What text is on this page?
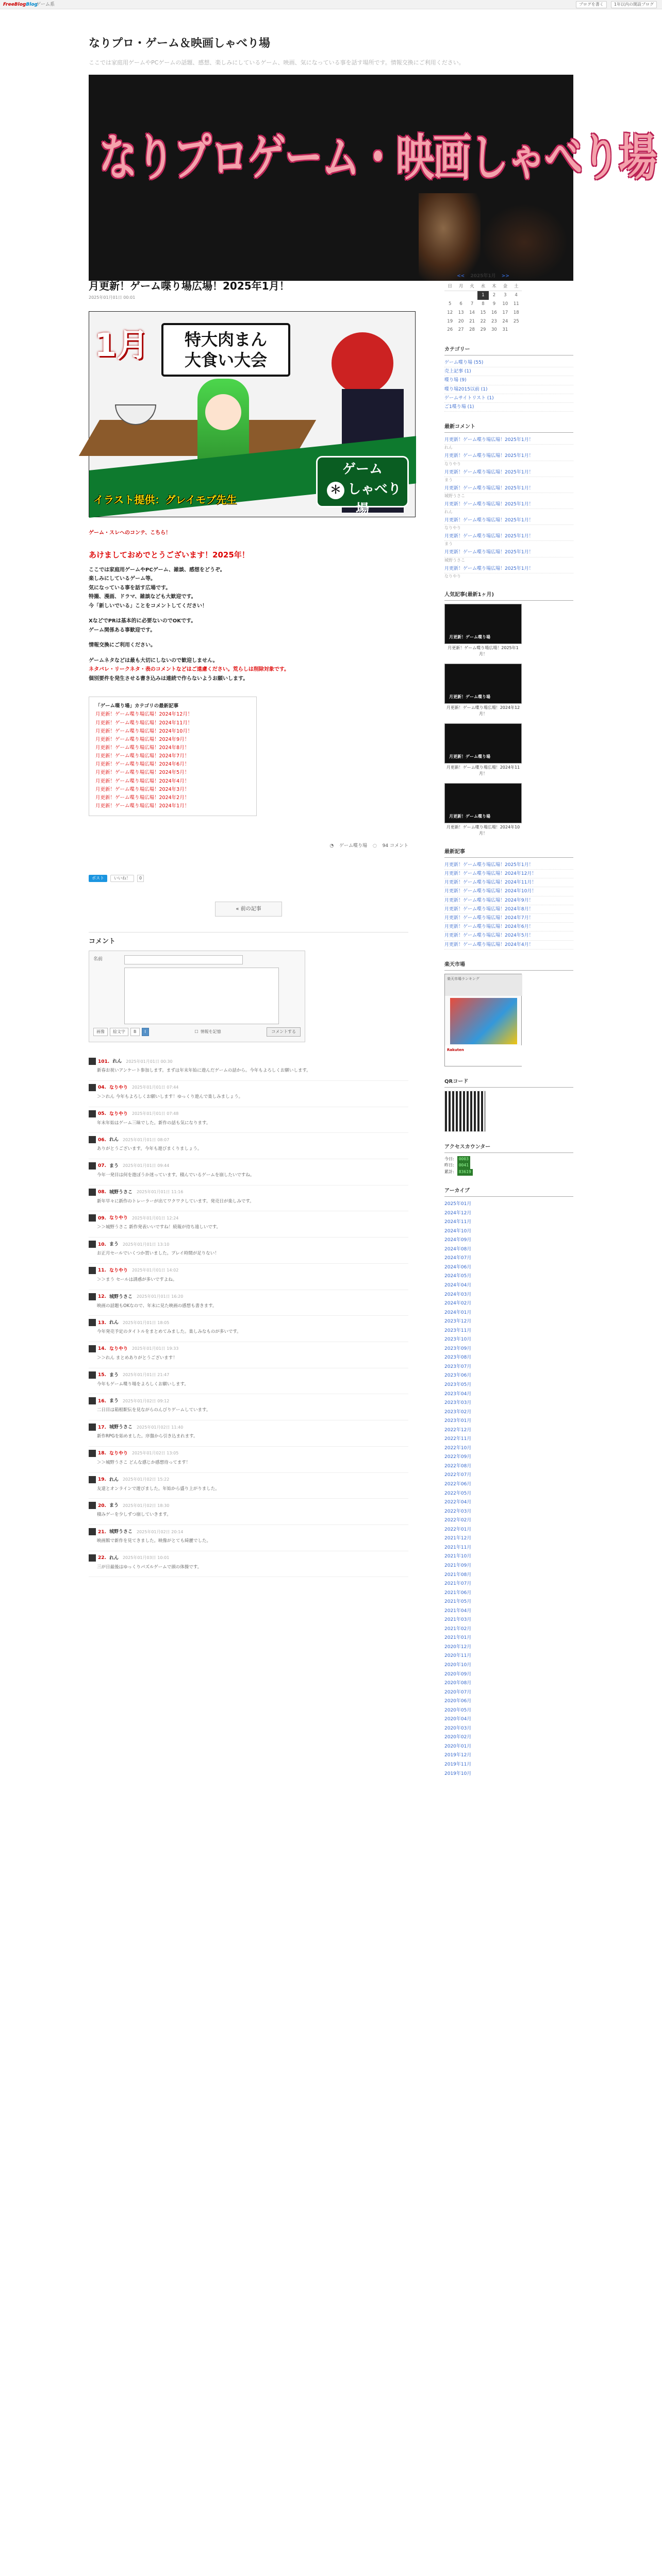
FreeBlogBlog
ゲーム系	ブログを書く	1年以内の開設ブログ
なりプロ・ゲーム＆映画しゃべり場
ここでは家庭用ゲームやPCゲームの話題、感想、楽しみにしているゲーム、映画、気になっている事を話す場所です。情報交換にご利用ください。
なりプロゲーム・映画しゃべり場
月更新！ゲーム喋り場広場！2025年1月！
2025年01月01日 00:01
1月	特大肉まん
大食い大会
イラスト提供：グレイモブ先生
ゲーム
＊ しゃべり場
ゲーム・スレへのコンテ、こちら！
あけましておめでとうございます！2025年！

ここでは家庭用ゲームやPCゲーム、雑談、感想をどうぞ。
楽しみにしているゲーム等。
気になっている事を話す広場です。
特撮、漫画、ドラマ、雑談なども大歓迎です。
今「新しいでいる」ことをコメントしてください！

XなどでPRは基本的に必要ないのでOKです。
ゲーム関係ある事歓迎です。

情報交換にご利用ください。

ゲームネタなどは最も大切にしないので歓迎しません。
ネタバレ・リークネタ・表のコメントなどはご遠慮ください。荒らしは削除対象です。
個別要件を発生させる書き込みは連続で作らないようお願いします。

「ゲーム喋り場」カテゴリの最新記事
月更新！ゲーム喋り場広場！2024年12月！
月更新！ゲーム喋り場広場！2024年11月！
月更新！ゲーム喋り場広場！2024年10月！
月更新！ゲーム喋り場広場！2024年9月！
月更新！ゲーム喋り場広場！2024年8月！
月更新！ゲーム喋り場広場！2024年7月！
月更新！ゲーム喋り場広場！2024年6月！
月更新！ゲーム喋り場広場！2024年5月！
月更新！ゲーム喋り場広場！2024年4月！
月更新！ゲーム喋り場広場！2024年3月！
月更新！ゲーム喋り場広場！2024年2月！
月更新！ゲーム喋り場広場！2024年1月！
◔ ゲーム喋り場 ◌ 94 コメント
ポスト	いいね！	0
« 前の記事
コメント
名前
画像	絵文字	B	I	☐ 情報を記憶	コメントする
101. れん 2025年01月01日 00:30
新春お祝いアンケート参加します。まずは年末年始に遊んだゲームの話から。今年もよろしくお願いします。
04. なりやり 2025年01月01日 07:44
＞＞れん 今年もよろしくお願いします！ゆっくり遊んで楽しみましょう。
05. なりやり 2025年01月01日 07:48
年末年始はゲーム三昧でした。新作の話も気になります。
06. れん 2025年01月01日 08:07
ありがとうございます。今年も遊びまくりましょう。
07. まう 2025年01月01日 09:44
今年一発目は何を遊ぼうか迷っています。積んでいるゲームを崩したいですね。
08. 城野うさこ 2025年01月01日 11:16
新年早々に新作のトレーラーが出てワクワクしています。発売日が楽しみです。
09. なりやり 2025年01月01日 12:24
＞＞城野うさこ 新作発表いいですね！続報が待ち遠しいです。
10. まう 2025年01月01日 13:10
お正月セールでいくつか買いました。プレイ時間が足りない！
11. なりやり 2025年01月01日 14:02
＞＞まう セールは誘惑が多いですよね。
12. 城野うさこ 2025年01月01日 16:20
映画の話題もOKなので、年末に見た映画の感想も書きます。
13. れん 2025年01月01日 18:05
今年発売予定のタイトルをまとめてみました。楽しみなものが多いです。
14. なりやり 2025年01月01日 19:33
＞＞れん まとめありがとうございます！
15. まう 2025年01月01日 21:47
今年もゲーム喋り場をよろしくお願いします。
16. まう 2025年01月02日 09:12
二日目は箱根駅伝を見ながらのんびりゲームしています。
17. 城野うさこ 2025年01月02日 11:40
新作RPGを始めました。序盤から引き込まれます。
18. なりやり 2025年01月02日 13:05
＞＞城野うさこ どんな感じか感想待ってます！
19. れん 2025年01月02日 15:22
友達とオンラインで遊びました。年始から盛り上がりました。
20. まう 2025年01月02日 18:30
積みゲーを少しずつ崩していきます。
21. 城野うさこ 2025年01月02日 20:14
映画館で新作を見てきました。映像がとても綺麗でした。
22. れん 2025年01月03日 10:01
三が日最後はゆっくりパズルゲームで頭の体操です。
<< 2025年1月 >>
日	月	火	水	木	金	土
			1	2	3	4
5	6	7	8	9	10	11
12	13	14	15	16	17	18
19	20	21	22	23	24	25
26	27	28	29	30	31	
カテゴリー
ゲーム喋り場 (55)
売上記事 (1)
喋り場 (9)
喋り場2015以前 (1)
ゲームサイトリスト (1)
ご1喋り場 (1)
最新コメント
月更新！ゲーム喋り場広場！2025年1月！
れん
月更新！ゲーム喋り場広場！2025年1月！
なりやり
月更新！ゲーム喋り場広場！2025年1月！
まう
月更新！ゲーム喋り場広場！2025年1月！
城野うさこ
月更新！ゲーム喋り場広場！2025年1月！
れん
月更新！ゲーム喋り場広場！2025年1月！
なりやり
月更新！ゲーム喋り場広場！2025年1月！
まう
月更新！ゲーム喋り場広場！2025年1月！
城野うさこ
月更新！ゲーム喋り場広場！2025年1月！
なりやり
人気記事(最新1ヶ月)
月更新！ゲーム喋り場
月更新！ゲーム喋り場広場！2025年1月！
月更新！ゲーム喋り場
月更新！ゲーム喋り場広場！2024年12月！
月更新！ゲーム喋り場
月更新！ゲーム喋り場広場！2024年11月！
月更新！ゲーム喋り場
月更新！ゲーム喋り場広場！2024年10月！
最新記事
月更新！ゲーム喋り場広場！2025年1月！
月更新！ゲーム喋り場広場！2024年12月！
月更新！ゲーム喋り場広場！2024年11月！
月更新！ゲーム喋り場広場！2024年10月！
月更新！ゲーム喋り場広場！2024年9月！
月更新！ゲーム喋り場広場！2024年8月！
月更新！ゲーム喋り場広場！2024年7月！
月更新！ゲーム喋り場広場！2024年6月！
月更新！ゲーム喋り場広場！2024年5月！
月更新！ゲーム喋り場広場！2024年4月！
楽天市場
楽天市場ランキング
Rakuten
QRコード
アクセスカウンター
今日:	0003
昨日:	0041
累計:	83619
アーカイブ
2025年01月
2024年12月
2024年11月
2024年10月
2024年09月
2024年08月
2024年07月
2024年06月
2024年05月
2024年04月
2024年03月
2024年02月
2024年01月
2023年12月
2023年11月
2023年10月
2023年09月
2023年08月
2023年07月
2023年06月
2023年05月
2023年04月
2023年03月
2023年02月
2023年01月
2022年12月
2022年11月
2022年10月
2022年09月
2022年08月
2022年07月
2022年06月
2022年05月
2022年04月
2022年03月
2022年02月
2022年01月
2021年12月
2021年11月
2021年10月
2021年09月
2021年08月
2021年07月
2021年06月
2021年05月
2021年04月
2021年03月
2021年02月
2021年01月
2020年12月
2020年11月
2020年10月
2020年09月
2020年08月
2020年07月
2020年06月
2020年05月
2020年04月
2020年03月
2020年02月
2020年01月
2019年12月
2019年11月
2019年10月
